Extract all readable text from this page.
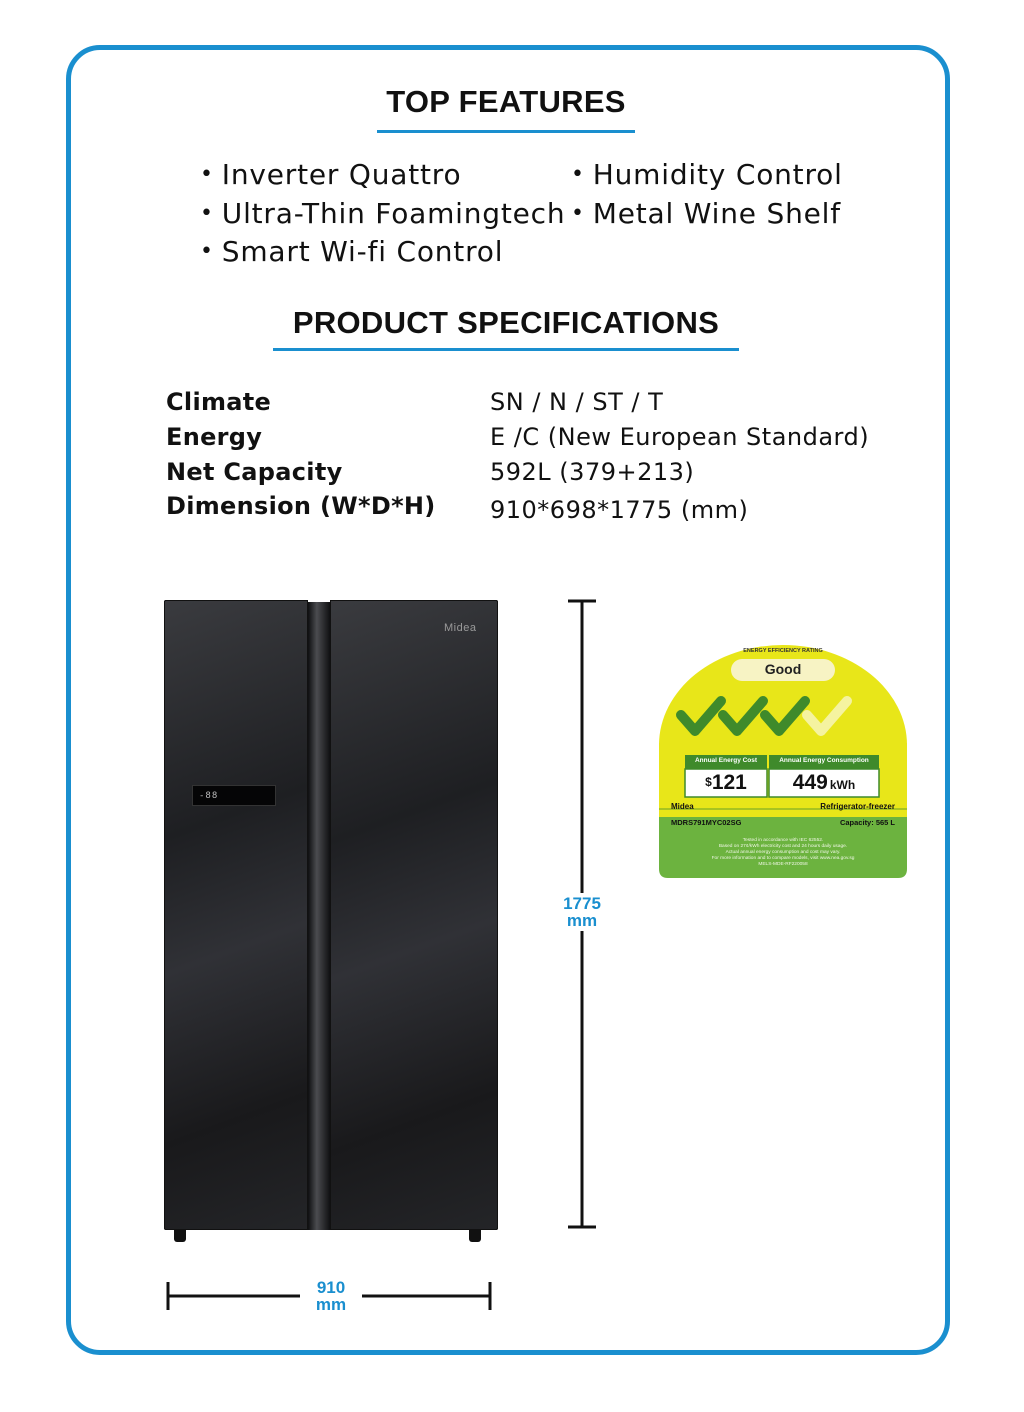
TOP FEATURES
• Inverter Quattro
• Ultra-Thin Foamingtech
• Smart Wi-fi Control
• Humidity Control
• Metal Wine Shelf
PRODUCT SPECIFICATIONS
Climate	SN / N / ST / T
Energy	E /C (New European Standard)
Net Capacity	592L (379+213)
Dimension (W*D*H) 910*698*1775 (mm)
Midea
-88
1775
mm
910
mm
ENERGY EFFICIENCY RATING
Good
Annual Energy Cost	Annual Energy Consumption
$121	449 kWh
Midea	Refrigerator-freezer
MDRS791MYC02SG	Capacity: 565 L
Tested in accordance with IEC 62552.
Based on 27¢/kWh electricity cost and 24 hours daily usage.
Actual annual energy consumption and cost may vary.
For more information and to compare models, visit www.nea.gov.sg
MELS-MDE-RF220058
